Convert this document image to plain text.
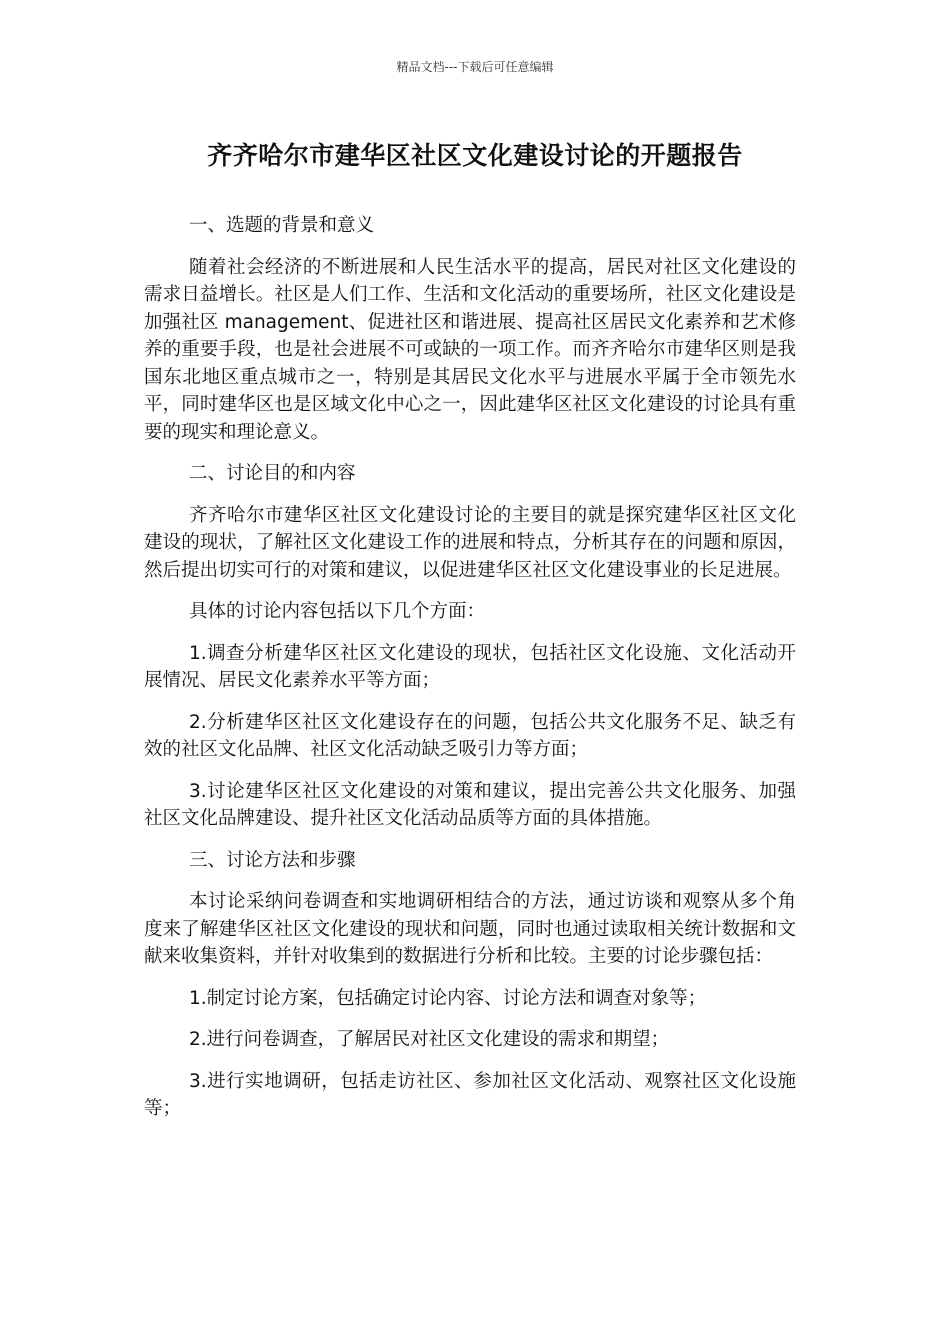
精品文档---下载后可任意编辑
齐齐哈尔市建华区社区文化建设讨论的开题报告

一、选题的背景和意义

随着社会经济的不断进展和人民生活水平的提高，居民对社区文化建设的需求日益增长。社区是人们工作、生活和文化活动的重要场所，社区文化建设是加强社区 management、促进社区和谐进展、提高社区居民文化素养和艺术修养的重要手段，也是社会进展不可或缺的一项工作。而齐齐哈尔市建华区则是我国东北地区重点城市之一，特别是其居民文化水平与进展水平属于全市领先水平，同时建华区也是区域文化中心之一，因此建华区社区文化建设的讨论具有重要的现实和理论意义。

二、讨论目的和内容

齐齐哈尔市建华区社区文化建设讨论的主要目的就是探究建华区社区文化建设的现状，了解社区文化建设工作的进展和特点，分析其存在的问题和原因，然后提出切实可行的对策和建议，以促进建华区社区文化建设事业的长足进展。

具体的讨论内容包括以下几个方面：

1.调查分析建华区社区文化建设的现状，包括社区文化设施、文化活动开展情况、居民文化素养水平等方面；

2.分析建华区社区文化建设存在的问题，包括公共文化服务不足、缺乏有效的社区文化品牌、社区文化活动缺乏吸引力等方面；

3.讨论建华区社区文化建设的对策和建议，提出完善公共文化服务、加强社区文化品牌建设、提升社区文化活动品质等方面的具体措施。

三、讨论方法和步骤

本讨论采纳问卷调查和实地调研相结合的方法，通过访谈和观察从多个角度来了解建华区社区文化建设的现状和问题，同时也通过读取相关统计数据和文献来收集资料，并针对收集到的数据进行分析和比较。主要的讨论步骤包括：

1.制定讨论方案，包括确定讨论内容、讨论方法和调查对象等；

2.进行问卷调查，了解居民对社区文化建设的需求和期望；

3.进行实地调研，包括走访社区、参加社区文化活动、观察社区文化设施等；
